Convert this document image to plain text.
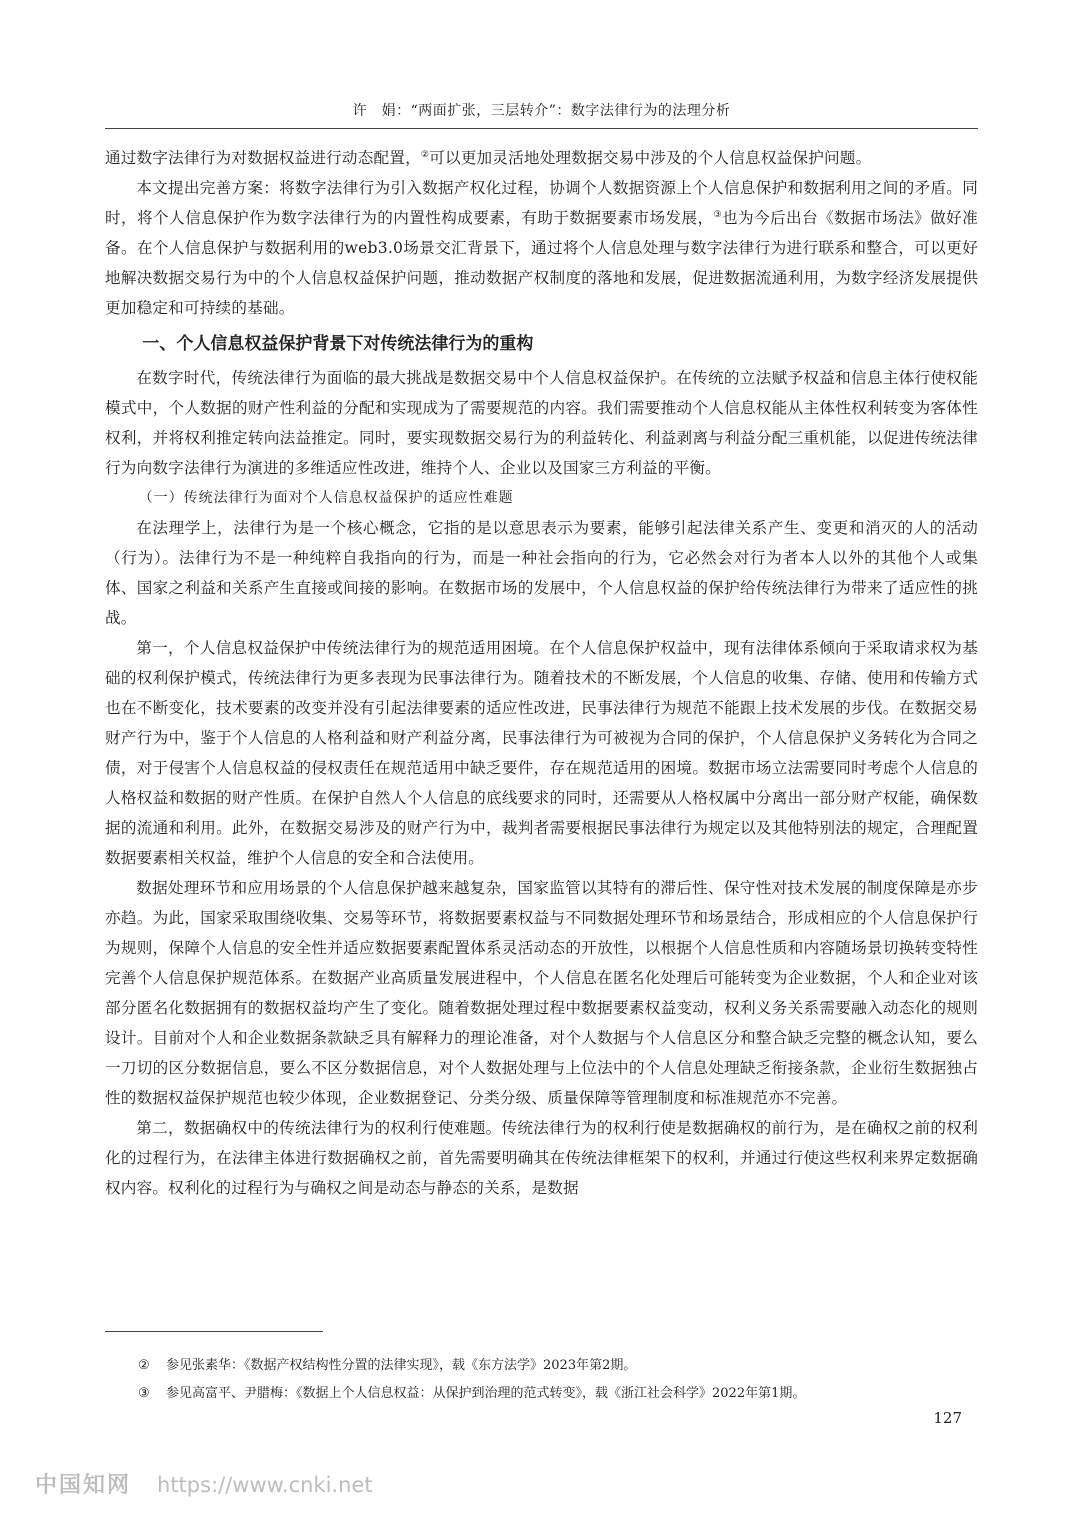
许　娟：“两面扩张，三层转介”：数字法律行为的法理分析

通过数字法律行为对数据权益进行动态配置，②可以更加灵活地处理数据交易中涉及的个人信息权益保护问题。

本文提出完善方案：将数字法律行为引入数据产权化过程，协调个人数据资源上个人信息保护和数据利用之间的矛盾。同时，将个人信息保护作为数字法律行为的内置性构成要素，有助于数据要素市场发展，③也为今后出台《数据市场法》做好准备。在个人信息保护与数据利用的web3.0场景交汇背景下，通过将个人信息处理与数字法律行为进行联系和整合，可以更好地解决数据交易行为中的个人信息权益保护问题，推动数据产权制度的落地和发展，促进数据流通利用，为数字经济发展提供更加稳定和可持续的基础。

一、个人信息权益保护背景下对传统法律行为的重构

在数字时代，传统法律行为面临的最大挑战是数据交易中个人信息权益保护。在传统的立法赋予权益和信息主体行使权能模式中，个人数据的财产性利益的分配和实现成为了需要规范的内容。我们需要推动个人信息权能从主体性权利转变为客体性权利，并将权利推定转向法益推定。同时，要实现数据交易行为的利益转化、利益剥离与利益分配三重机能，以促进传统法律行为向数字法律行为演进的多维适应性改进，维持个人、企业以及国家三方利益的平衡。

（一）传统法律行为面对个人信息权益保护的适应性难题

在法理学上，法律行为是一个核心概念，它指的是以意思表示为要素，能够引起法律关系产生、变更和消灭的人的活动（行为）。法律行为不是一种纯粹自我指向的行为，而是一种社会指向的行为，它必然会对行为者本人以外的其他个人或集体、国家之利益和关系产生直接或间接的影响。在数据市场的发展中，个人信息权益的保护给传统法律行为带来了适应性的挑战。

第一，个人信息权益保护中传统法律行为的规范适用困境。在个人信息保护权益中，现有法律体系倾向于采取请求权为基础的权利保护模式，传统法律行为更多表现为民事法律行为。随着技术的不断发展，个人信息的收集、存储、使用和传输方式也在不断变化，技术要素的改变并没有引起法律要素的适应性改进，民事法律行为规范不能跟上技术发展的步伐。在数据交易财产行为中，鉴于个人信息的人格利益和财产利益分离，民事法律行为可被视为合同的保护，个人信息保护义务转化为合同之债，对于侵害个人信息权益的侵权责任在规范适用中缺乏要件，存在规范适用的困境。数据市场立法需要同时考虑个人信息的人格权益和数据的财产性质。在保护自然人个人信息的底线要求的同时，还需要从人格权属中分离出一部分财产权能，确保数据的流通和利用。此外，在数据交易涉及的财产行为中，裁判者需要根据民事法律行为规定以及其他特别法的规定，合理配置数据要素相关权益，维护个人信息的安全和合法使用。

数据处理环节和应用场景的个人信息保护越来越复杂，国家监管以其特有的滞后性、保守性对技术发展的制度保障是亦步亦趋。为此，国家采取围绕收集、交易等环节，将数据要素权益与不同数据处理环节和场景结合，形成相应的个人信息保护行为规则，保障个人信息的安全性并适应数据要素配置体系灵活动态的开放性，以根据个人信息性质和内容随场景切换转变特性完善个人信息保护规范体系。在数据产业高质量发展进程中，个人信息在匿名化处理后可能转变为企业数据，个人和企业对该部分匿名化数据拥有的数据权益均产生了变化。随着数据处理过程中数据要素权益变动，权利义务关系需要融入动态化的规则设计。目前对个人和企业数据条款缺乏具有解释力的理论准备，对个人数据与个人信息区分和整合缺乏完整的概念认知，要么一刀切的区分数据信息，要么不区分数据信息，对个人数据处理与上位法中的个人信息处理缺乏衔接条款，企业衍生数据独占性的数据权益保护规范也较少体现，企业数据登记、分类分级、质量保障等管理制度和标准规范亦不完善。

第二，数据确权中的传统法律行为的权利行使难题。传统法律行为的权利行使是数据确权的前行为，是在确权之前的权利化的过程行为，在法律主体进行数据确权之前，首先需要明确其在传统法律框架下的权利，并通过行使这些权利来界定数据确权内容。权利化的过程行为与确权之间是动态与静态的关系，是数据

② 参见张素华：《数据产权结构性分置的法律实现》，载《东方法学》2023年第2期。

③ 参见高富平、尹腊梅：《数据上个人信息权益：从保护到治理的范式转变》，载《浙江社会科学》2022年第1期。

127
中国知网 https://www.cnki.net
